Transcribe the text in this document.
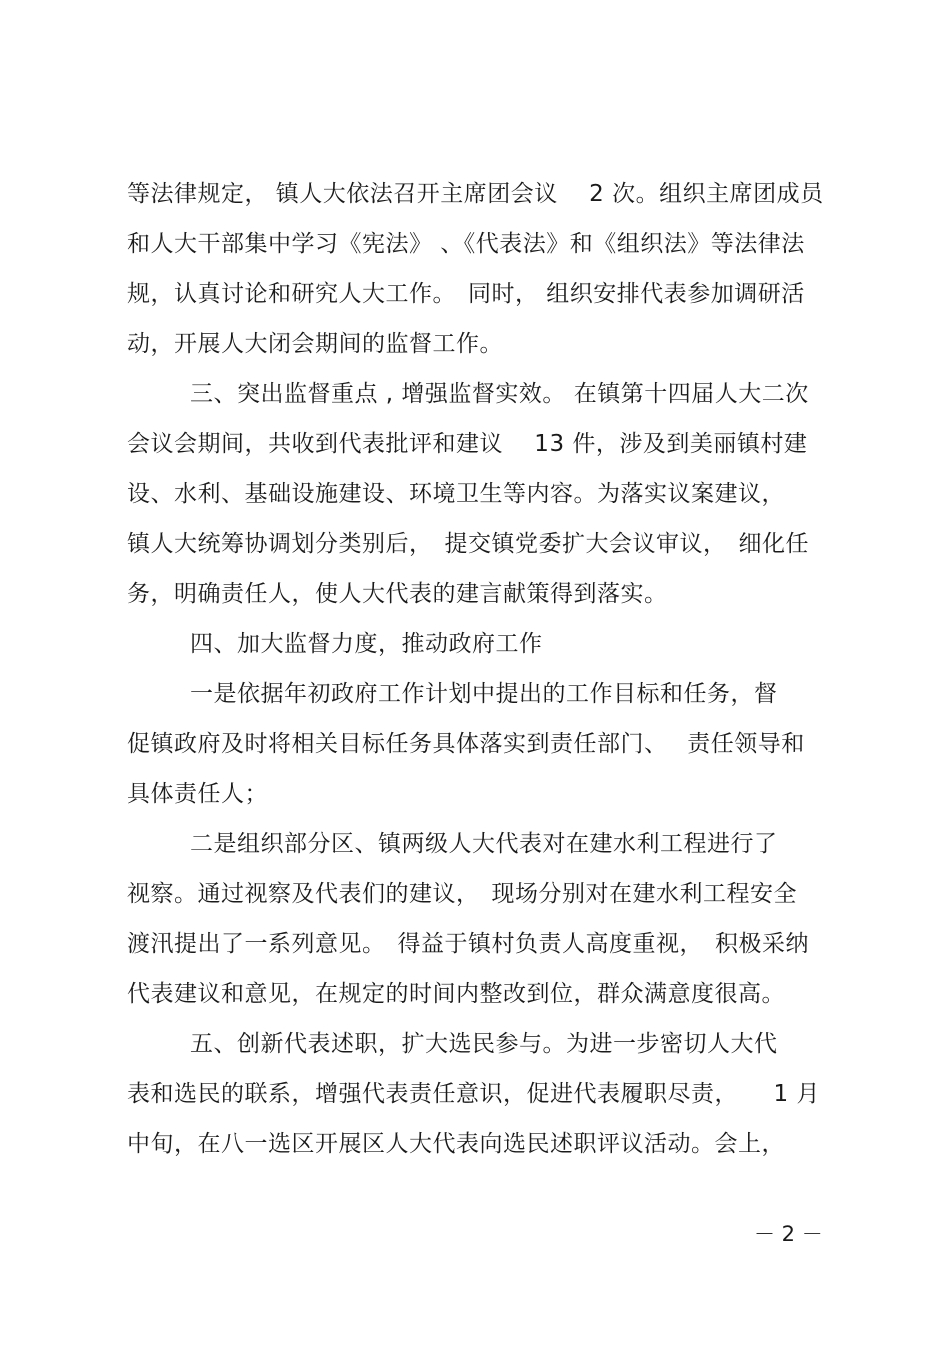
等法律规定， 镇人大依法召开主席团会议　 2 次。组织主席团成员
和人大干部集中学习《宪法》 、《代表法》和《组织法》等法律法
规，认真讨论和研究人大工作。　同时， 组织安排代表参加调研活
动，开展人大闭会期间的监督工作。
三、突出监督重点 , 增强监督实效。 在镇第十四届人大二次
会议会期间，共收到代表批评和建议　 13 件，涉及到美丽镇村建
设、水利、基础设施建设、环境卫生等内容。为落实议案建议，
镇人大统筹协调划分类别后，　提交镇党委扩大会议审议，　细化任
务，明确责任人，使人大代表的建言献策得到落实。
四、加大监督力度，推动政府工作
一是依据年初政府工作计划中提出的工作目标和任务，督
促镇政府及时将相关目标任务具体落实到责任部门、　 责任领导和
具体责任人；
二是组织部分区、镇两级人大代表对在建水利工程进行了
视察。通过视察及代表们的建议，　现场分别对在建水利工程安全
渡汛提出了一系列意见。　得益于镇村负责人高度重视，　积极采纳
代表建议和意见，在规定的时间内整改到位，群众满意度很高。
五、创新代表述职，扩大选民参与。为进一步密切人大代
表和选民的联系，增强代表责任意识，促进代表履职尽责，　　1 月
中旬，在八一选区开展区人大代表向选民述职评议活动。会上，
－ 2 －
